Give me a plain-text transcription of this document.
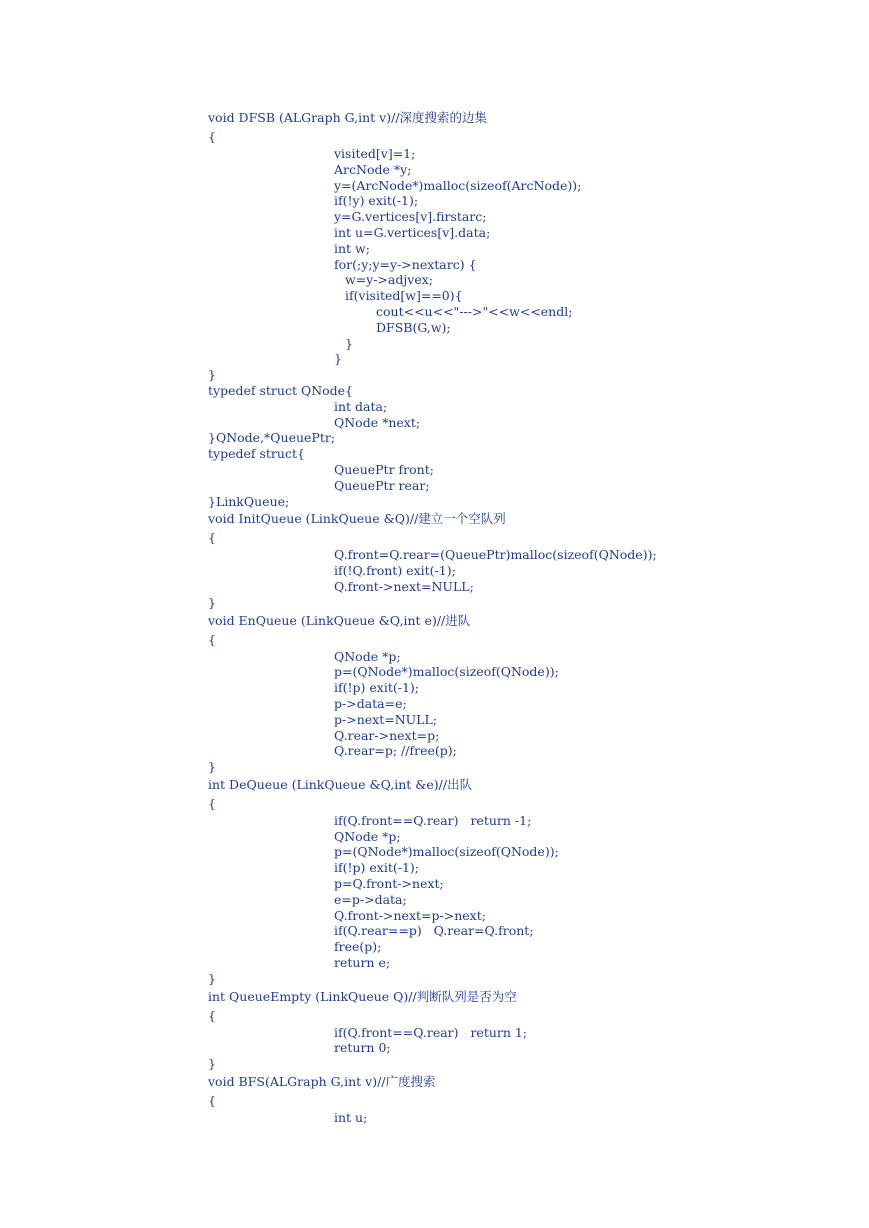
void DFSB (ALGraph G,int v)//深度搜索的边集
{
visited[v]=1;
ArcNode *y;
y=(ArcNode*)malloc(sizeof(ArcNode));
if(!y) exit(-1);
y=G.vertices[v].firstarc;
int u=G.vertices[v].data;
int w;
for(;y;y=y->nextarc) {
w=y->adjvex;
if(visited[w]==0){
cout<<u<<"--->"<<w<<endl;
DFSB(G,w);
}
}
}
typedef struct QNode{
int data;
QNode *next;
}QNode,*QueuePtr;
typedef struct{
QueuePtr front;
QueuePtr rear;
}LinkQueue;
void InitQueue (LinkQueue &Q)//建立一个空队列
{
Q.front=Q.rear=(QueuePtr)malloc(sizeof(QNode));
if(!Q.front) exit(-1);
Q.front->next=NULL;
}
void EnQueue (LinkQueue &Q,int e)//进队
{
QNode *p;
p=(QNode*)malloc(sizeof(QNode));
if(!p) exit(-1);
p->data=e;
p->next=NULL;
Q.rear->next=p;
Q.rear=p; //free(p);
}
int DeQueue (LinkQueue &Q,int &e)//出队
{
if(Q.front==Q.rear)   return -1;
QNode *p;
p=(QNode*)malloc(sizeof(QNode));
if(!p) exit(-1);
p=Q.front->next;
e=p->data;
Q.front->next=p->next;
if(Q.rear==p)   Q.rear=Q.front;
free(p);
return e;
}
int QueueEmpty (LinkQueue Q)//判断队列是否为空
{
if(Q.front==Q.rear)   return 1;
return 0;
}
void BFS(ALGraph G,int v)//广度搜索
{
int u;
